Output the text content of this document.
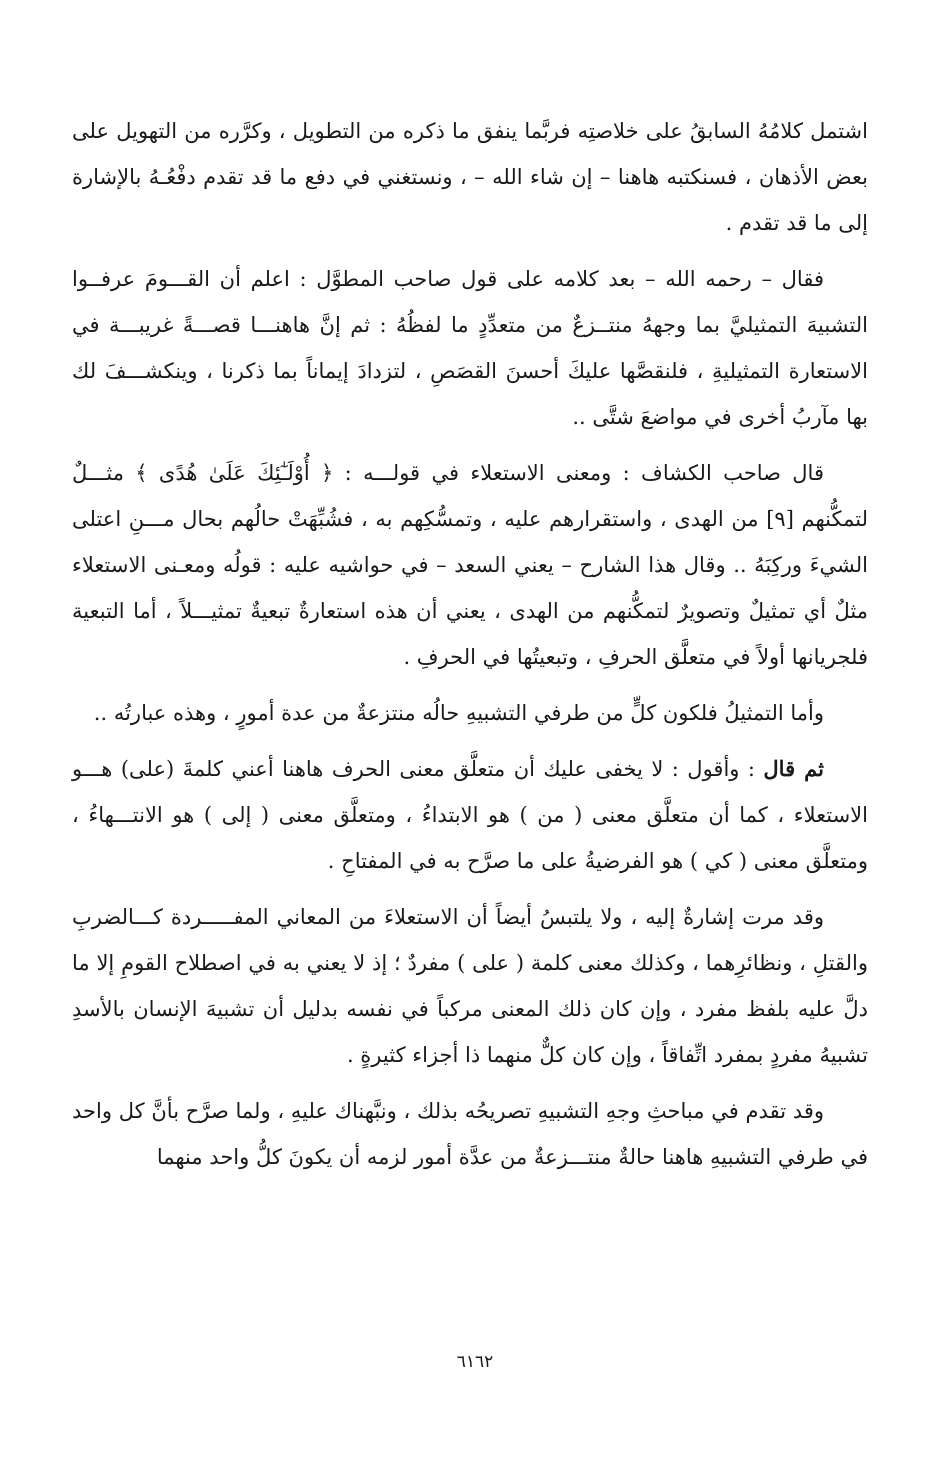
اشتمل كلامُهُ السابقُ على خلاصتِه فربَّما ينفق ما ذكره من التطويل ، وكرَّره من التهويل على بعض الأذهان ، فسنكتبه هاهنا – إن شاء الله – ، ونستغني في دفع ما قد تقدم دفْعُـهُ بالإشارة إلى ما قد تقدم .

فقال – رحمه الله – بعد كلامه على قول صاحب المطوَّل : اعلم أن القـــومَ عرفــوا التشبيهَ التمثيليَّ بما وجههُ منتــزعٌ من متعدِّدٍ ما لفظُهُ : ثم إنَّ هاهنـــا قصـــةً غريبـــة في الاستعارة التمثيليةِ ، فلنقصَّها عليكَ أحسنَ القصَصِ ، لتزدادَ إيماناً بما ذكرنا ، وينكشـــفَ لك بها مآربُ أخرى في مواضعَ شتَّى ..

قال صاحب الكشاف : ومعنى الاستعلاء في قولـــه : ﴿ أُوْلَـٰٓئِكَ عَلَىٰ هُدًى ﴾ مثـــلٌ لتمكُّنهم [٩] من الهدى ، واستقرارهم عليه ، وتمسُّكِهم به ، فشُبِّهَتْ حالُهم بحال مـــنِ اعتلى الشيءَ وركِبَهُ .. وقال هذا الشارح – يعني السعد – في حواشيه عليه : قولُه ومعـنى الاستعلاء مثلٌ أي تمثيلٌ وتصويرٌ لتمكُّنهم من الهدى ، يعني أن هذه استعارةٌ تبعيةٌ تمثيـــلاً ، أما التبعية فلجريانها أولاً في متعلَّق الحرفِ ، وتبعيتُها في الحرفِ .

وأما التمثيلُ فلكون كلٍّ من طرفي التشبيهِ حالُه منتزعةٌ من عدة أمورٍ ، وهذه عبارتُه ..

ثم قال : وأقول : لا يخفى عليك أن متعلَّق معنى الحرف هاهنا أعني كلمةَ (على) هـــو الاستعلاء ، كما أن متعلَّق معنى ( من ) هو الابتداءُ ، ومتعلَّق معنى ( إلى ) هو الانتـــهاءُ ، ومتعلَّق معنى ( كي ) هو الفرضيةُ على ما صرَّح به في المفتاحِ .

وقد مرت إشارةٌ إليه ، ولا يلتبسُ أيضاً أن الاستعلاءَ من المعاني المفـــــردة كـــالضربِ والقتلِ ، ونظائرِهما ، وكذلك معنى كلمة ( على ) مفردٌ ؛ إذ لا يعني به في اصطلاح القومِ إلا ما دلَّ عليه بلفظ مفرد ، وإن كان ذلك المعنى مركباً في نفسه بدليل أن تشبيهَ الإنسان بالأسدِ تشبيهُ مفردٍ بمفرد اتِّفاقاً ، وإن كان كلٌّ منهما ذا أجزاء كثيرةٍ .

وقد تقدم في مباحثِ وجهِ التشبيهِ تصريحُه بذلك ، ونبَّهناك عليهِ ، ولما صرَّح بأنَّ كل واحد في طرفي التشبيهِ هاهنا حالةٌ منتـــزعةٌ من عدَّة أمور لزمه أن يكونَ كلُّ واحد منهما

٦١٦٢
